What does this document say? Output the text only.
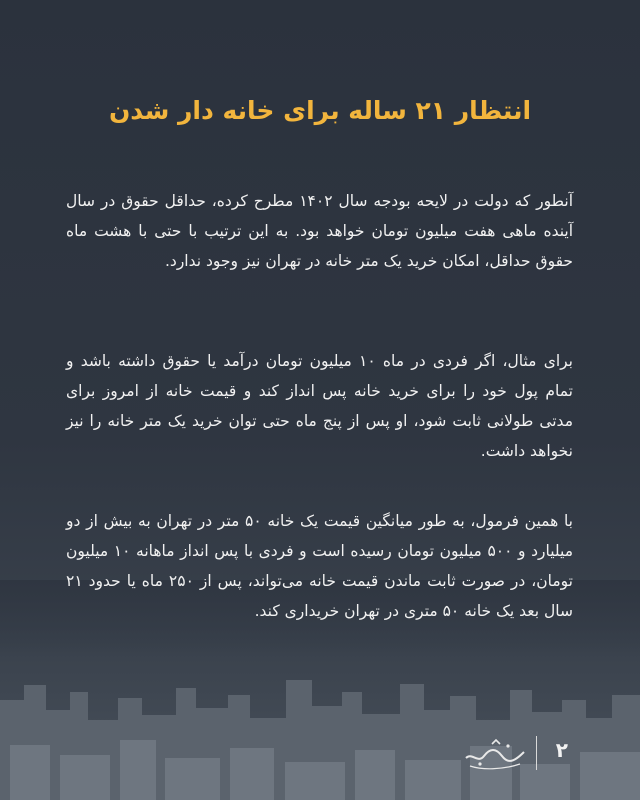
انتظار ۲۱ ساله برای خانه دار شدن

آنطور که دولت در لایحه بودجه سال ۱۴۰۲ مطرح کرده، حداقل حقوق در سال آینده ماهی هفت میلیون تومان خواهد بود. به این ترتیب با حتی با هشت ماه حقوق حداقل، امکان خرید یک متر خانه در تهران نیز وجود ندارد.

برای مثال، اگر فردی در ماه ۱۰ میلیون تومان درآمد یا حقوق داشته باشد و تمام پول خود را برای خرید خانه پس انداز کند و قیمت خانه از امروز برای مدتی طولانی ثابت شود، او پس از پنج ماه حتی توان خرید یک متر خانه را نیز نخواهد داشت.

با همین فرمول، به طور میانگین قیمت یک خانه ۵۰ متر در تهران به بیش از دو میلیارد و ۵۰۰ میلیون تومان رسیده است و فردی با پس انداز ماهانه ۱۰ میلیون تومان، در صورت ثابت ماندن قیمت خانه می‌تواند، پس از ۲۵۰ ماه یا حدود ۲۱ سال بعد یک خانه ۵۰ متری در تهران خریداری کند.

۲
